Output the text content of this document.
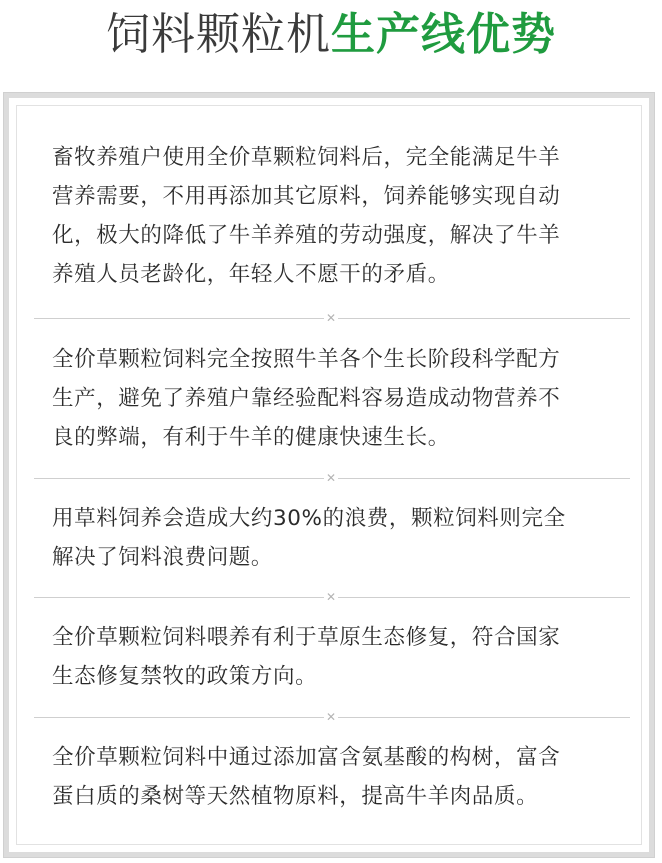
饲料颗粒机生产线优势
畜牧养殖户使用全价草颗粒饲料后，完全能满足牛羊
营养需要，不用再添加其它原料，饲养能够实现自动
化，极大的降低了牛羊养殖的劳动强度，解决了牛羊
养殖人员老龄化，年轻人不愿干的矛盾。
✕
全价草颗粒饲料完全按照牛羊各个生长阶段科学配方
生产，避免了养殖户靠经验配料容易造成动物营养不
良的弊端，有利于牛羊的健康快速生长。
✕
用草料饲养会造成大约30%的浪费，颗粒饲料则完全
解决了饲料浪费问题。
✕
全价草颗粒饲料喂养有利于草原生态修复，符合国家
生态修复禁牧的政策方向。
✕
全价草颗粒饲料中通过添加富含氨基酸的构树，富含
蛋白质的桑树等天然植物原料，提高牛羊肉品质。
